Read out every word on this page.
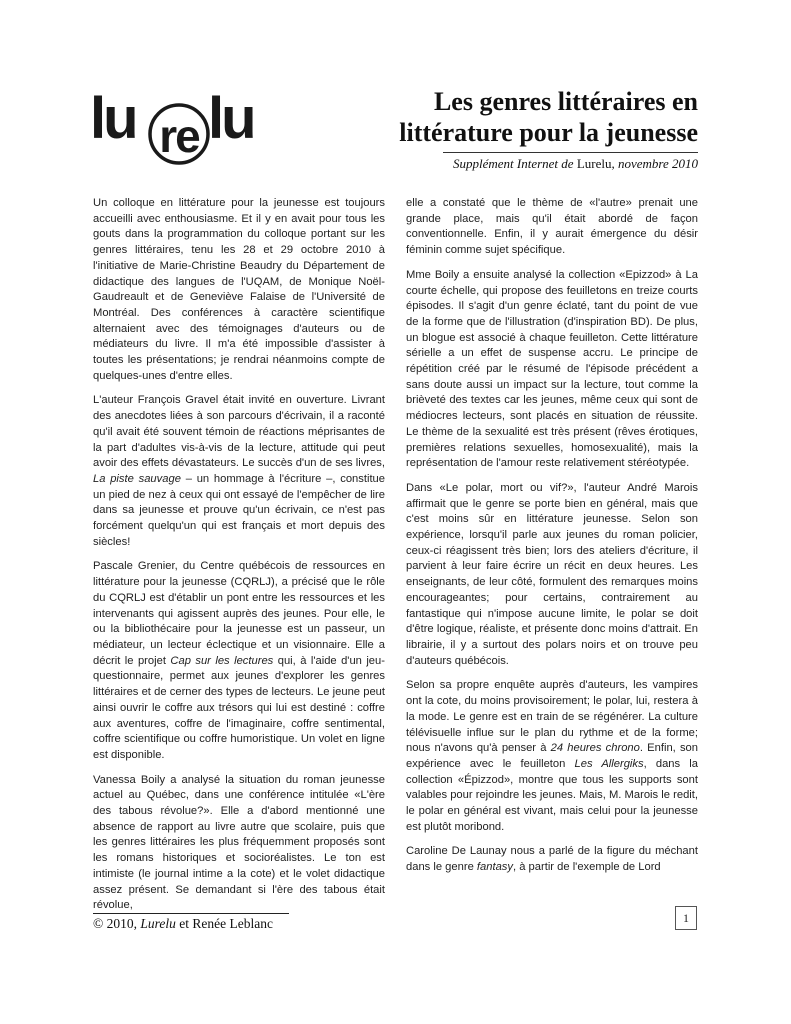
lu lu
re
Les genres littéraires en
littérature pour la jeunesse
Supplément Internet de Lurelu, novembre 2010

Un colloque en littérature pour la jeunesse est toujours accueilli avec enthousiasme. Et il y en avait pour tous les gouts dans la programmation du colloque portant sur les genres littéraires, tenu les 28 et 29 octobre 2010 à l'initiative de Marie-Christine Beaudry du Département de didactique des langues de l'UQAM, de Monique Noël-Gaudreault et de Geneviève Falaise de l'Université de Montréal. Des conférences à caractère scientifique alternaient avec des témoignages d'auteurs ou de médiateurs du livre. Il m'a été impossible d'assister à toutes les présentations; je rendrai néanmoins compte de quelques-unes d'entre elles.

L'auteur François Gravel était invité en ouverture. Livrant des anecdotes liées à son parcours d'écrivain, il a raconté qu'il avait été souvent témoin de réactions méprisantes de la part d'adultes vis-à-vis de la lecture, attitude qui peut avoir des effets dévastateurs. Le succès d'un de ses livres, La piste sauvage – un hommage à l'écriture –, constitue un pied de nez à ceux qui ont essayé de l'empêcher de lire dans sa jeunesse et prouve qu'un écrivain, ce n'est pas forcément quelqu'un qui est français et mort depuis des siècles!

Pascale Grenier, du Centre québécois de ressources en littérature pour la jeunesse (CQRLJ), a précisé que le rôle du CQRLJ est d'établir un pont entre les ressources et les intervenants qui agissent auprès des jeunes. Pour elle, le ou la bibliothécaire pour la jeunesse est un passeur, un médiateur, un lecteur éclectique et un visionnaire. Elle a décrit le projet Cap sur les lectures qui, à l'aide d'un jeu-questionnaire, permet aux jeunes d'explorer les genres littéraires et de cerner des types de lecteurs. Le jeune peut ainsi ouvrir le coffre aux trésors qui lui est destiné : coffre aux aventures, coffre de l'imaginaire, coffre sentimental, coffre scientifique ou coffre humoristique. Un volet en ligne est disponible.

Vanessa Boily a analysé la situation du roman jeunesse actuel au Québec, dans une conférence intitulée «L'ère des tabous révolue?». Elle a d'abord mentionné une absence de rapport au livre autre que scolaire, puis que les genres littéraires les plus fréquemment proposés sont les romans historiques et socioréalistes. Le ton est intimiste (le journal intime a la cote) et le volet didactique assez présent. Se demandant si l'ère des tabous était révolue,

elle a constaté que le thème de «l'autre» prenait une grande place, mais qu'il était abordé de façon conventionnelle. Enfin, il y aurait émergence du désir féminin comme sujet spécifique.

Mme Boily a ensuite analysé la collection «Epizzod» à La courte échelle, qui propose des feuilletons en treize courts épisodes. Il s'agit d'un genre éclaté, tant du point de vue de la forme que de l'illustration (d'inspiration BD). De plus, un blogue est associé à chaque feuilleton. Cette littérature sérielle a un effet de suspense accru. Le principe de répétition créé par le résumé de l'épisode précédent a sans doute aussi un impact sur la lecture, tout comme la brièveté des textes car les jeunes, même ceux qui sont de médiocres lecteurs, sont placés en situation de réussite. Le thème de la sexualité est très présent (rêves érotiques, premières relations sexuelles, homosexualité), mais la représentation de l'amour reste relativement stéréotypée.

Dans «Le polar, mort ou vif?», l'auteur André Marois affirmait que le genre se porte bien en général, mais que c'est moins sûr en littérature jeunesse. Selon son expérience, lorsqu'il parle aux jeunes du roman policier, ceux-ci réagissent très bien; lors des ateliers d'écriture, il parvient à leur faire écrire un récit en deux heures. Les enseignants, de leur côté, formulent des remarques moins encourageantes; pour certains, contrairement au fantastique qui n'impose aucune limite, le polar se doit d'être logique, réaliste, et présente donc moins d'attrait. En librairie, il y a surtout des polars noirs et on trouve peu d'auteurs québécois.

Selon sa propre enquête auprès d'auteurs, les vampires ont la cote, du moins provisoirement; le polar, lui, restera à la mode. Le genre est en train de se régénérer. La culture télévisuelle influe sur le plan du rythme et de la forme; nous n'avons qu'à penser à 24 heures chrono. Enfin, son expérience avec le feuilleton Les Allergiks, dans la collection «Épizzod», montre que tous les supports sont valables pour rejoindre les jeunes. Mais, M. Marois le redit, le polar en général est vivant, mais celui pour la jeunesse est plutôt moribond.

Caroline De Launay nous a parlé de la figure du méchant dans le genre fantasy, à partir de l'exemple de Lord

© 2010, Lurelu et Renée Leblanc	1
